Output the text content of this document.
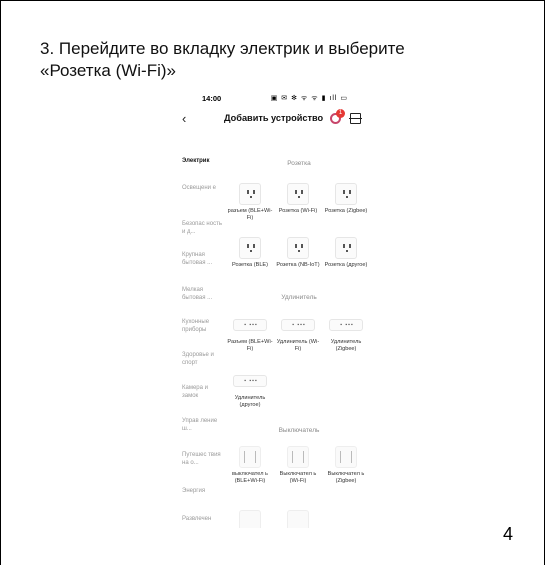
3. Перейдите во вкладку электрик и выберите
«Розетка (Wi-Fi)»
14:00	▣ ✉ ✻ ᯤ ᯤ ▮ ıll ▭
‹	Добавить устройство	1
Электрик
Освещени е
Безопас ность и д...
Крупная бытовая ...
Мелкая бытовая ...
Кухонные приборы
Здоровье и спорт
Камера и замок
Управ ление ш...
Путешес твия на о...
Энергия
Развлечен
Розетка
Удлинитель
Выключатель
разъем (BLE+Wi-Fi)
Розетка (Wi-Fi)	Розетка (Zigbee)
Розетка (BLE)	Розетка (NB-IoT) Розетка (другое)
▪ ▪▪▪
Разъем (BLE+Wi-Fi)
▪ ▪▪▪
Удлинитель (Wi-Fi)
▪ ▪▪▪
Удлинитель (Zigbee)
▪ ▪▪▪
Удлинитель (другое)
выключател ь (BLE+Wi-Fi)
Выключател ь (Wi-Fi)
Выключател ь (Zigbee)
4
